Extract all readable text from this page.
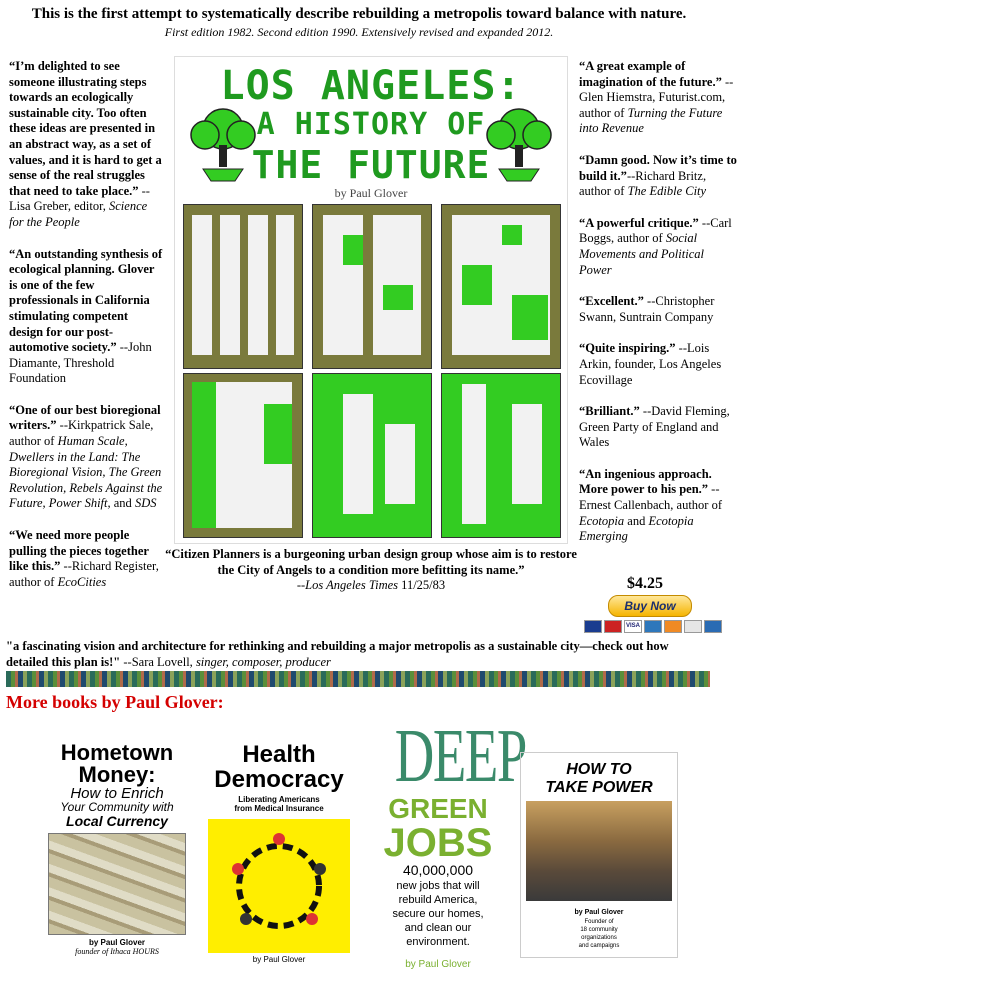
This is the first attempt to systematically describe rebuilding a metropolis toward balance with nature.
First edition 1982. Second edition 1990. Extensively revised and expanded 2012.

“I’m delighted to see someone illustrating steps towards an ecologically sustainable city. Too often these ideas are presented in an abstract way, as a set of values, and it is hard to get a sense of the real struggles that need to take place.” --Lisa Greber, editor, Science for the People

“An outstanding synthesis of ecological planning. Glover is one of the few professionals in California stimulating competent design for our post-automotive society.” --John Diamante, Threshold Foundation

“One of our best bioregional writers.” --Kirkpatrick Sale, author of Human Scale, Dwellers in the Land: The Bioregional Vision, The Green Revolution, Rebels Against the Future, Power Shift, and SDS

“We need more people pulling the pieces together like this.” --Richard Register, author of EcoCities

LOS ANGELES:
A HISTORY OF
THE FUTURE
by Paul Glover

“A great example of imagination of the future.” --Glen Hiemstra, Futurist.com, author of Turning the Future into Revenue

“Damn good. Now it’s time to build it.”--Richard Britz, author of The Edible City

“A powerful critique.” --Carl Boggs, author of Social Movements and Political Power

“Excellent.” --Christopher Swann, Suntrain Company

“Quite inspiring.” --Lois Arkin, founder, Los Angeles Ecovillage

“Brilliant.” --David Fleming, Green Party of England and Wales

“An ingenious approach. More power to his pen.” --Ernest Callenbach, author of Ecotopia and Ecotopia Emerging

“Citizen Planners is a burgeoning urban design group whose aim is to restore the City of Angels to a condition more befitting its name.”
--Los Angeles Times 11/25/83	$4.25
Buy Now
VISA
"a fascinating vision and architecture for rethinking and rebuilding a major metropolis as a sustainable city—check out how detailed this plan is!" --Sara Lovell, singer, composer, producer
More books by Paul Glover:
Hometown
Money:
How to Enrich
Your Community with
Local Currency
by Paul Glover
founder of Ithaca HOURS
Health
Democracy
Liberating Americans
from Medical Insurance
by Paul Glover
DEEP
GREEN
JOBS
40,000,000
new jobs that will
rebuild America,
secure our homes,
and clean our
environment.
by Paul Glover
HOW TO
TAKE POWER
by Paul Glover
Founder of
18 community
organizations
and campaigns
